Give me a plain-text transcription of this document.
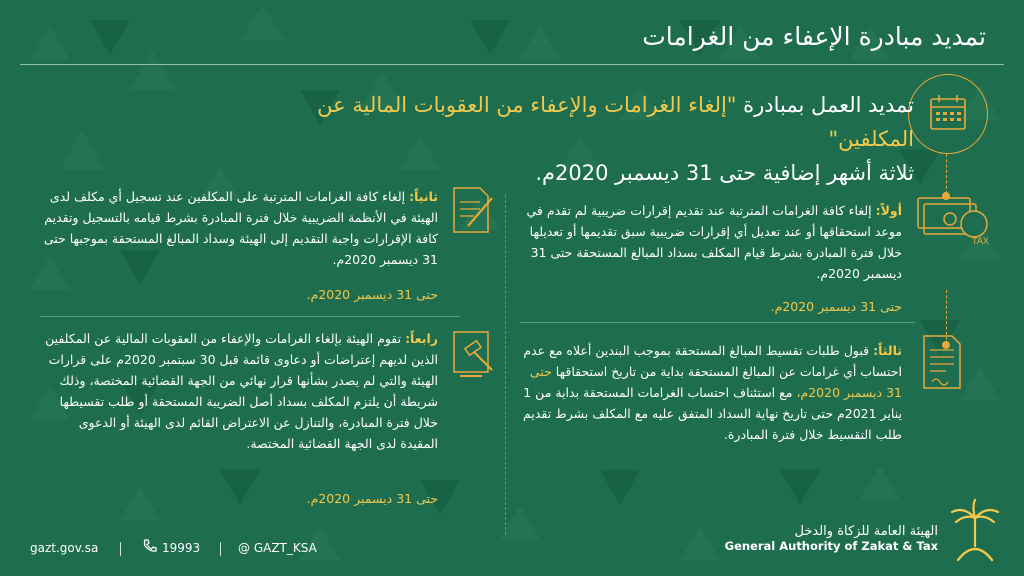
تمديد مبادرة الإعفاء من الغرامات
تمديد العمل بمبادرة "إلغاء الغرامات والإعفاء من العقوبات المالية عن المكلفين"
ثلاثة أشهر إضافية حتى 31 ديسمبر 2020م.
TAX
أولاً: إلغاء كافة الغرامات المترتبة عند تقديم إقرارات ضريبية لم تقدم في موعد استحقاقها أو عند تعديل أي إقرارات ضريبية سبق تقديمها أو تعديلها خلال فترة المبادرة بشرط قيام المكلف بسداد المبالغ المستحقة حتى 31 ديسمبر 2020م.
حتى 31 ديسمبر 2020م.
ثانياً: إلغاء كافة الغرامات المترتبة على المكلفين عند تسجيل أي مكلف لدى الهيئة في الأنظمة الضريبية خلال فترة المبادرة بشرط قيامه بالتسجيل وتقديم كافة الإقرارات واجبة التقديم إلى الهيئة وسداد المبالغ المستحقة بموجبها حتى 31 ديسمبر 2020م.
حتى 31 ديسمبر 2020م.
ثالثاً: قبول طلبات تقسيط المبالغ المستحقة بموجب البندين أعلاه مع عدم احتساب أي غرامات عن المبالغ المستحقة بداية من تاريخ استحقاقها حتى 31 ديسمبر 2020م، مع استئناف احتساب الغرامات المستحقة بداية من 1 يناير 2021م حتى تاريخ نهاية السداد المتفق عليه مع المكلف بشرط تقديم طلب التقسيط خلال فترة المبادرة.
رابعاً: تقوم الهيئة بإلغاء الغرامات والإعفاء من العقوبات المالية عن المكلفين الذين لديهم إعتراضات أو دعاوى قائمة قبل 30 سبتمبر 2020م على قرارات الهيئة والتي لم يصدر بشأنها قرار نهائي من الجهة القضائية المختصة، وذلك شريطة أن يلتزم المكلف بسداد أصل الضريبة المستحقة أو طلب تقسيطها خلال فترة المبادرة، والتنازل عن الاعتراض القائم لدى الهيئة أو الدعوى المقيدة لدى الجهة القضائية المختصة.
حتى 31 ديسمبر 2020م.
gazt.gov.sa	19993	@ GAZT_KSA
الهيئة العامة للزكاة والدخل
General Authority of Zakat & Tax
